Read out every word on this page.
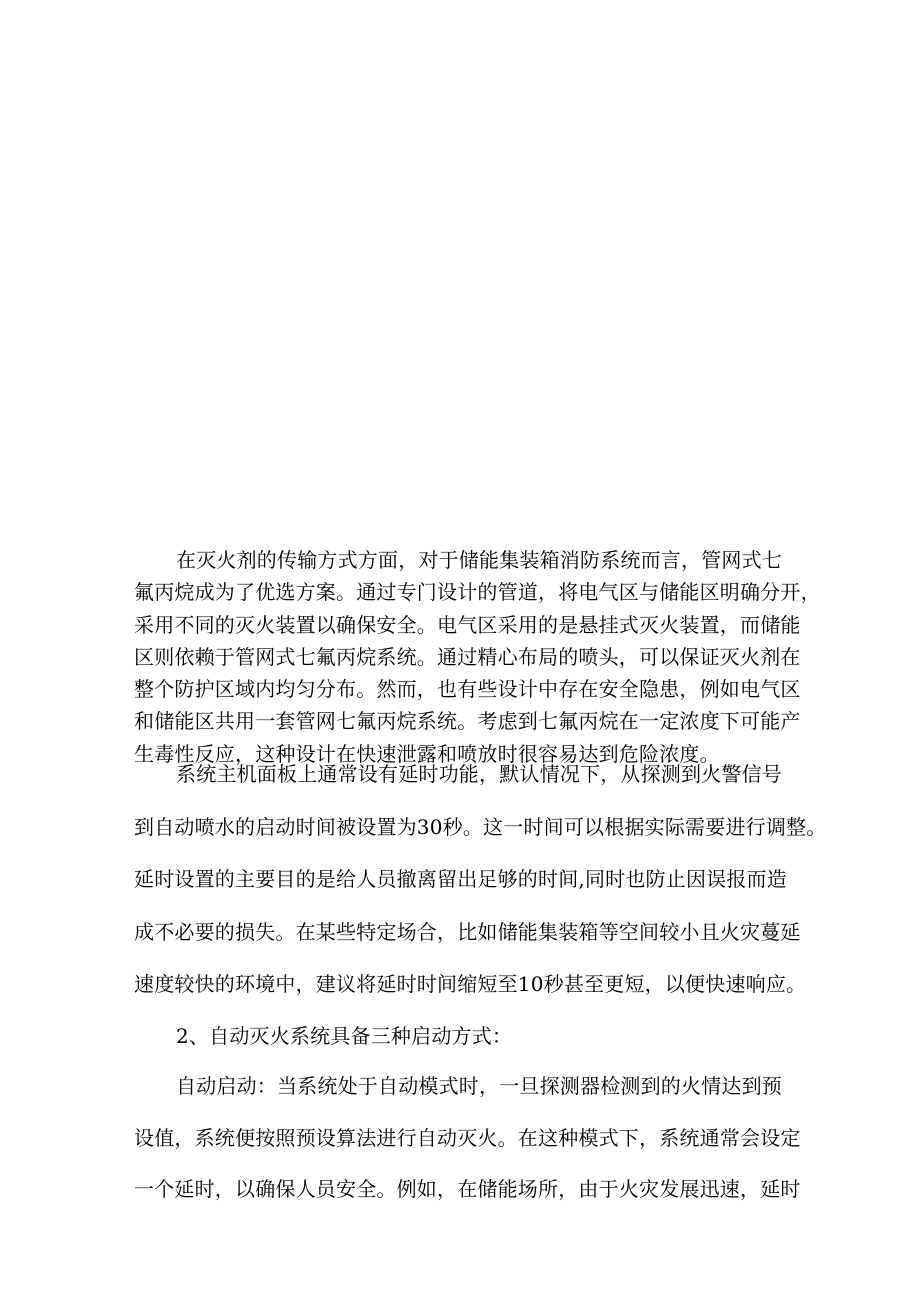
在灭火剂的传输方式方面，对于储能集装箱消防系统而言，管网式七
氟丙烷成为了优选方案。通过专门设计的管道，将电气区与储能区明确分开，
采用不同的灭火装置以确保安全。电气区采用的是悬挂式灭火装置，而储能
区则依赖于管网式七氟丙烷系统。通过精心布局的喷头，可以保证灭火剂在
整个防护区域内均匀分布。然而，也有些设计中存在安全隐患，例如电气区
和储能区共用一套管网七氟丙烷系统。考虑到七氟丙烷在一定浓度下可能产
生毒性反应，这种设计在快速泄露和喷放时很容易达到危险浓度。
系统主机面板上通常设有延时功能，默认情况下，从探测到火警信号
到自动喷水的启动时间被设置为30秒。这一时间可以根据实际需要进行调整。
延时设置的主要目的是给人员撤离留出足够的时间,同时也防止因误报而造
成不必要的损失。在某些特定场合，比如储能集装箱等空间较小且火灾蔓延
速度较快的环境中，建议将延时时间缩短至10秒甚至更短，以便快速响应。
2、自动灭火系统具备三种启动方式：
自动启动：当系统处于自动模式时，一旦探测器检测到的火情达到预
设值，系统便按照预设算法进行自动灭火。在这种模式下，系统通常会设定
一个延时，以确保人员安全。例如，在储能场所，由于火灾发展迅速，延时
